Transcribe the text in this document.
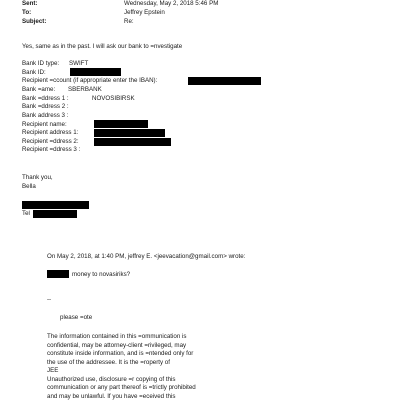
Sent:	Wednesday, May 2, 2018 5:46 PM
To:	Jeffrey Epstein
Subject:	Re:
Yes, same as in the past. I will ask our bank to =nvestigate
Bank ID type: SWIFT
Bank ID:
Recipient =ccount (if appropriate enter the IBAN):
Bank =ame: SBERBANK
Bank =ddress 1 :	NOVOSIBIRSK
Bank =ddress 2 :
Bank address 3 :
Recipient name:
Recipient address 1:
Recipient =ddress 2:
Recipient =ddress 3 :
Thank you,
Bella
Tel
On May 2, 2018, at 1:40 PM, jeffrey E. <jeevacation@gmail.com> wrote:
money to novasiriks?
--
please =ote
The information contained in this =ommunication is
confidential, may be attorney-client =rivileged, may
constitute inside information, and is =ntended only for
the use of the addressee. It is the =roperty of
JEE
Unauthorized use, disclosure =r copying of this
communication or any part thereof is =trictly prohibited
and may be unlawful. If you have =eceived this
